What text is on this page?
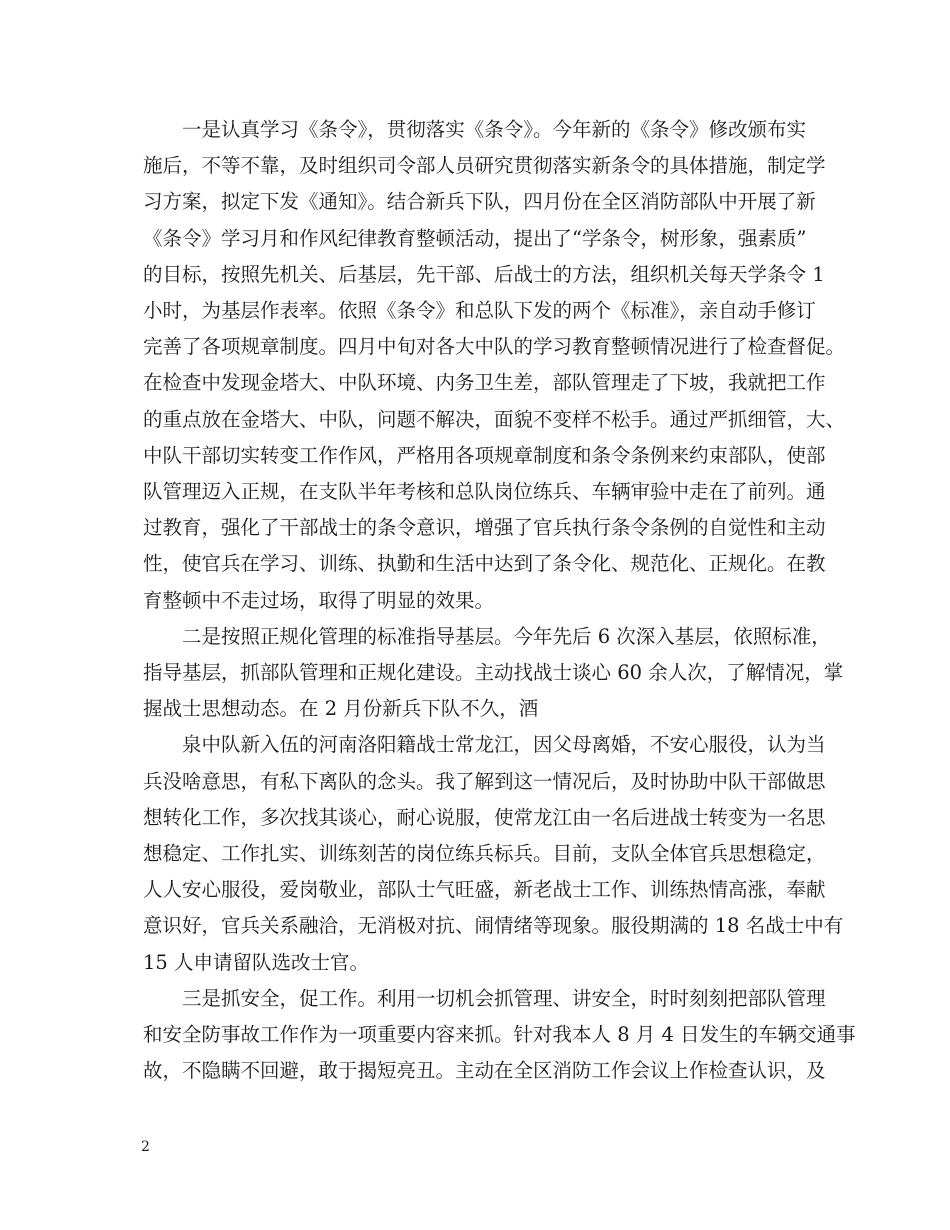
　　一是认真学习《条令》，贯彻落实《条令》。今年新的《条令》修改颁布实

施后，不等不靠，及时组织司令部人员研究贯彻落实新条令的具体措施，制定学

习方案，拟定下发《通知》。结合新兵下队，四月份在全区消防部队中开展了新

《条令》学习月和作风纪律教育整顿活动，提出了“学条令，树形象，强素质”

的目标，按照先机关、后基层，先干部、后战士的方法，组织机关每天学条令 1

小时，为基层作表率。依照《条令》和总队下发的两个《标准》，亲自动手修订

完善了各项规章制度。四月中旬对各大中队的学习教育整顿情况进行了检查督促。

在检查中发现金塔大、中队环境、内务卫生差，部队管理走了下坡，我就把工作

的重点放在金塔大、中队，问题不解决，面貌不变样不松手。通过严抓细管，大、

中队干部切实转变工作作风，严格用各项规章制度和条令条例来约束部队，使部

队管理迈入正规，在支队半年考核和总队岗位练兵、车辆审验中走在了前列。通

过教育，强化了干部战士的条令意识，增强了官兵执行条令条例的自觉性和主动

性，使官兵在学习、训练、执勤和生活中达到了条令化、规范化、正规化。在教

育整顿中不走过场，取得了明显的效果。

　　二是按照正规化管理的标准指导基层。今年先后 6 次深入基层，依照标准，

指导基层，抓部队管理和正规化建设。主动找战士谈心 60 余人次，了解情况，掌

握战士思想动态。在 2 月份新兵下队不久，酒

　　泉中队新入伍的河南洛阳籍战士常龙江，因父母离婚，不安心服役，认为当

兵没啥意思，有私下离队的念头。我了解到这一情况后，及时协助中队干部做思

想转化工作，多次找其谈心，耐心说服，使常龙江由一名后进战士转变为一名思

想稳定、工作扎实、训练刻苦的岗位练兵标兵。目前，支队全体官兵思想稳定，

人人安心服役，爱岗敬业，部队士气旺盛，新老战士工作、训练热情高涨，奉献

意识好，官兵关系融洽，无消极对抗、闹情绪等现象。服役期满的 18 名战士中有

15 人申请留队选改士官。

　　三是抓安全，促工作。利用一切机会抓管理、讲安全，时时刻刻把部队管理

和安全防事故工作作为一项重要内容来抓。针对我本人 8 月 4 日发生的车辆交通事

故，不隐瞒不回避，敢于揭短亮丑。主动在全区消防工作会议上作检查认识，及

2
